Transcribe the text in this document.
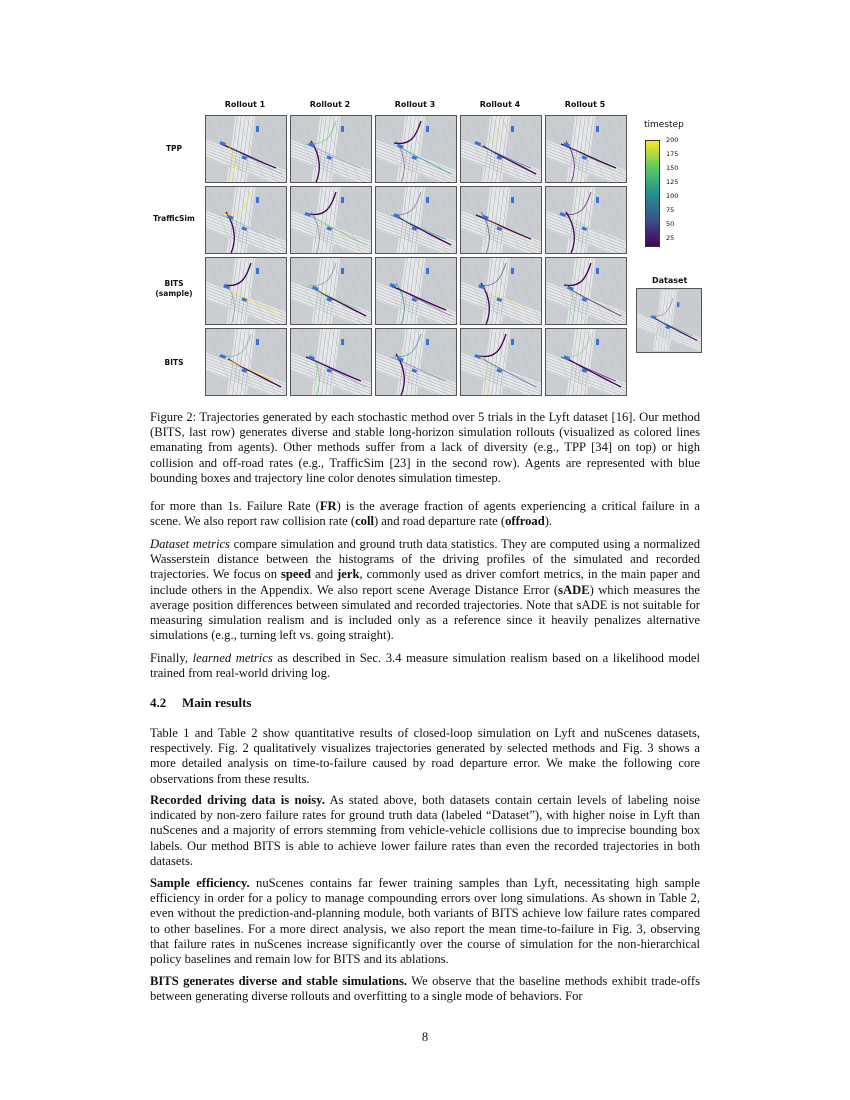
Rollout 1	Rollout 2	Rollout 3	Rollout 4	Rollout 5
TPP
TrafficSim
BITS (sample)
BITS
timestep
200
175
150
125
100
75
50
25
Dataset

Figure 2: Trajectories generated by each stochastic method over 5 trials in the Lyft dataset [16]. Our method (BITS, last row) generates diverse and stable long-horizon simulation rollouts (visualized as colored lines emanating from agents). Other methods suffer from a lack of diversity (e.g., TPP [34] on top) or high collision and off-road rates (e.g., TrafficSim [23] in the second row). Agents are represented with blue bounding boxes and trajectory line color denotes simulation timestep.

for more than 1s. Failure Rate (FR) is the average fraction of agents experiencing a critical failure in a scene. We also report raw collision rate (coll) and road departure rate (offroad).

Dataset metrics compare simulation and ground truth data statistics. They are computed using a normalized Wasserstein distance between the histograms of the driving profiles of the simulated and recorded trajectories. We focus on speed and jerk, commonly used as driver comfort metrics, in the main paper and include others in the Appendix. We also report scene Average Distance Error (sADE) which measures the average position differences between simulated and recorded trajectories. Note that sADE is not suitable for measuring simulation realism and is included only as a reference since it heavily penalizes alternative simulations (e.g., turning left vs. going straight).

Finally, learned metrics as described in Sec. 3.4 measure simulation realism based on a likelihood model trained from real-world driving log.

4.2 Main results

Table 1 and Table 2 show quantitative results of closed-loop simulation on Lyft and nuScenes datasets, respectively. Fig. 2 qualitatively visualizes trajectories generated by selected methods and Fig. 3 shows a more detailed analysis on time-to-failure caused by road departure error. We make the following core observations from these results.

Recorded driving data is noisy. As stated above, both datasets contain certain levels of labeling noise indicated by non-zero failure rates for ground truth data (labeled “Dataset”), with higher noise in Lyft than nuScenes and a majority of errors stemming from vehicle-vehicle collisions due to imprecise bounding box labels. Our method BITS is able to achieve lower failure rates than even the recorded trajectories in both datasets.

Sample efficiency. nuScenes contains far fewer training samples than Lyft, necessitating high sample efficiency in order for a policy to manage compounding errors over long simulations. As shown in Table 2, even without the prediction-and-planning module, both variants of BITS achieve low failure rates compared to other baselines. For a more direct analysis, we also report the mean time-to-failure in Fig. 3, observing that failure rates in nuScenes increase significantly over the course of simulation for the non-hierarchical policy baselines and remain low for BITS and its ablations.

BITS generates diverse and stable simulations. We observe that the baseline methods exhibit trade-offs between generating diverse rollouts and overfitting to a single mode of behaviors. For

8
